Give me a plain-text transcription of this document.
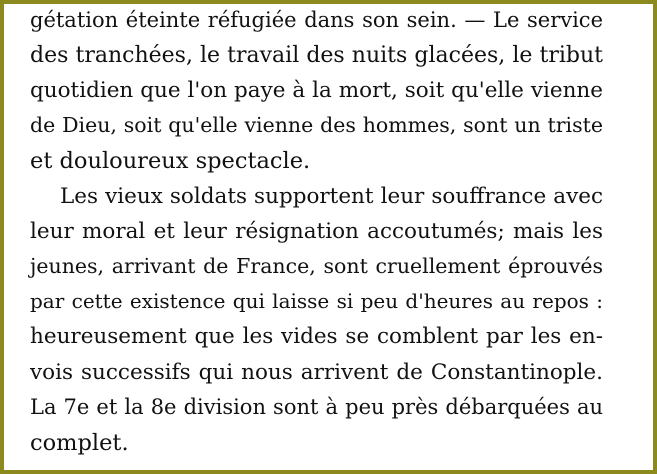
gétation éteinte réfugiée dans son sein. — Le service
des tranchées, le travail des nuits glacées, le tribut
quotidien que l'on paye à la mort, soit qu'elle vienne
de Dieu, soit qu'elle vienne des hommes, sont un triste
et douloureux spectacle.
Les vieux soldats supportent leur souffrance avec
leur moral et leur résignation accoutumés; mais les
jeunes, arrivant de France, sont cruellement éprouvés
par cette existence qui laisse si peu d'heures au repos :
heureusement que les vides se comblent par les en-
vois successifs qui nous arrivent de Constantinople.
La 7e et la 8e division sont à peu près débarquées au
complet.
